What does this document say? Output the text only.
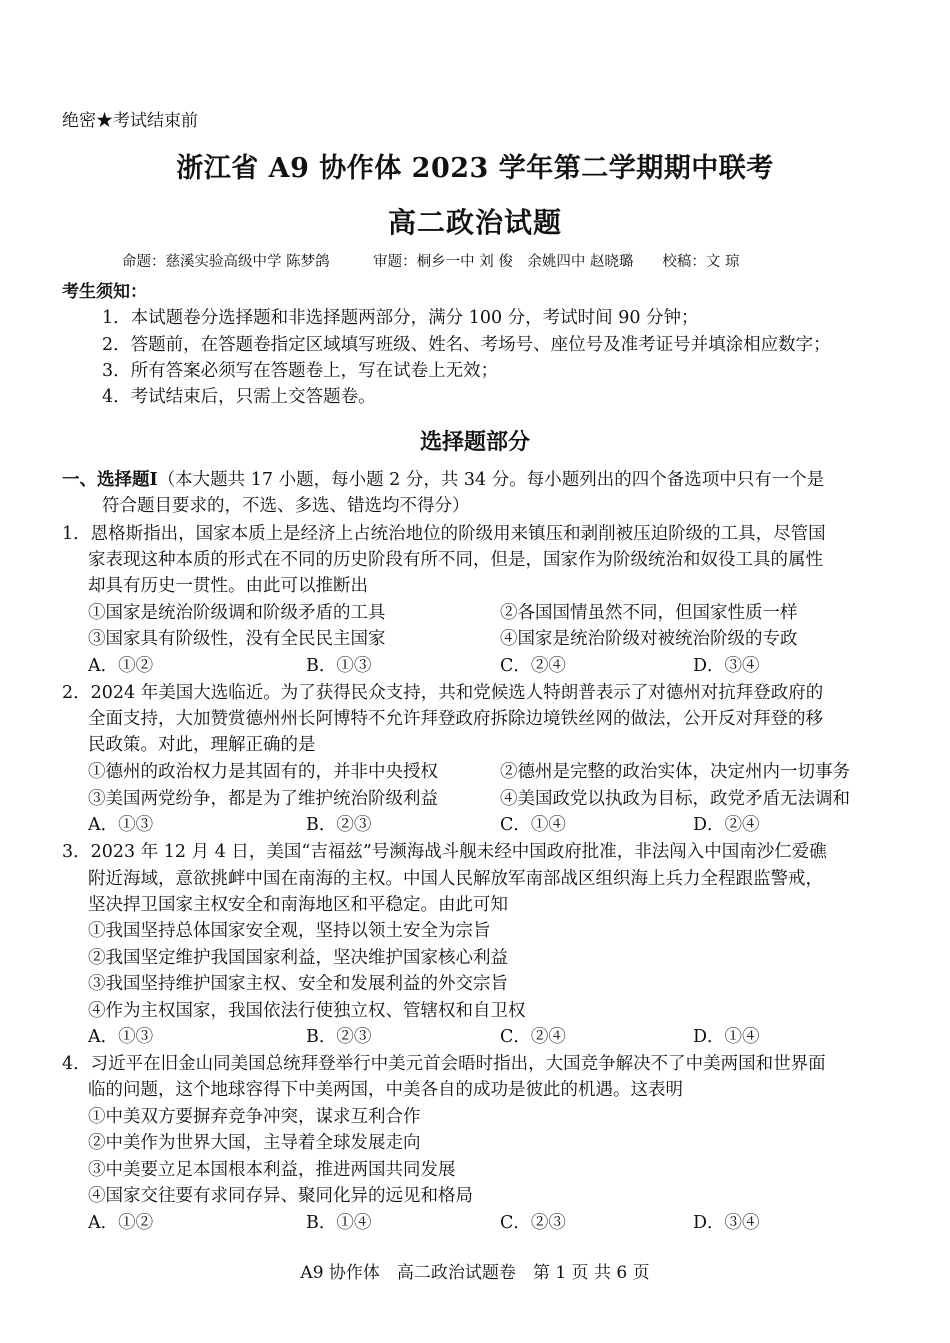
绝密★考试结束前
浙江省 A9 协作体 2023 学年第二学期期中联考
高二政治试题
命题：慈溪实验高级中学 陈梦鸽　　　审题：桐乡一中 刘 俊　余姚四中 赵晓璐　　校稿：文 琼
考生须知：
1．本试题卷分选择题和非选择题两部分，满分 100 分，考试时间 90 分钟；
2．答题前，在答题卷指定区域填写班级、姓名、考场号、座位号及准考证号并填涂相应数字；
3．所有答案必须写在答题卷上，写在试卷上无效；
4．考试结束后，只需上交答题卷。
选择题部分
一、选择题Ⅰ（本大题共 17 小题，每小题 2 分，共 34 分。每小题列出的四个备选项中只有一个是
符合题目要求的，不选、多选、错选均不得分）
1．恩格斯指出，国家本质上是经济上占统治地位的阶级用来镇压和剥削被压迫阶级的工具，尽管国
家表现这种本质的形式在不同的历史阶段有所不同，但是，国家作为阶级统治和奴役工具的属性
却具有历史一贯性。由此可以推断出
①国家是统治阶级调和阶级矛盾的工具	②各国国情虽然不同，但国家性质一样
③国家具有阶级性，没有全民民主国家	④国家是统治阶级对被统治阶级的专政
A．①②	B．①③	C．②④	D．③④
2．2024 年美国大选临近。为了获得民众支持，共和党候选人特朗普表示了对德州对抗拜登政府的
全面支持，大加赞赏德州州长阿博特不允许拜登政府拆除边境铁丝网的做法，公开反对拜登的移
民政策。对此，理解正确的是
①德州的政治权力是其固有的，并非中央授权	②德州是完整的政治实体，决定州内一切事务
③美国两党纷争，都是为了维护统治阶级利益	④美国政党以执政为目标，政党矛盾无法调和
A．①③	B．②③	C．①④	D．②④
3．2023 年 12 月 4 日，美国“吉福兹”号濒海战斗舰未经中国政府批准，非法闯入中国南沙仁爱礁
附近海域，意欲挑衅中国在南海的主权。中国人民解放军南部战区组织海上兵力全程跟监警戒，
坚决捍卫国家主权安全和南海地区和平稳定。由此可知
①我国坚持总体国家安全观，坚持以领土安全为宗旨
②我国坚定维护我国国家利益，坚决维护国家核心利益
③我国坚持维护国家主权、安全和发展利益的外交宗旨
④作为主权国家，我国依法行使独立权、管辖权和自卫权
A．①③	B．②③	C．②④	D．①④
4．习近平在旧金山同美国总统拜登举行中美元首会晤时指出，大国竞争解决不了中美两国和世界面
临的问题，这个地球容得下中美两国，中美各自的成功是彼此的机遇。这表明
①中美双方要摒弃竞争冲突，谋求互利合作
②中美作为世界大国，主导着全球发展走向
③中美要立足本国根本利益，推进两国共同发展
④国家交往要有求同存异、聚同化异的远见和格局
A．①②	B．①④	C．②③	D．③④
A9 协作体　高二政治试题卷　第 1 页 共 6 页
